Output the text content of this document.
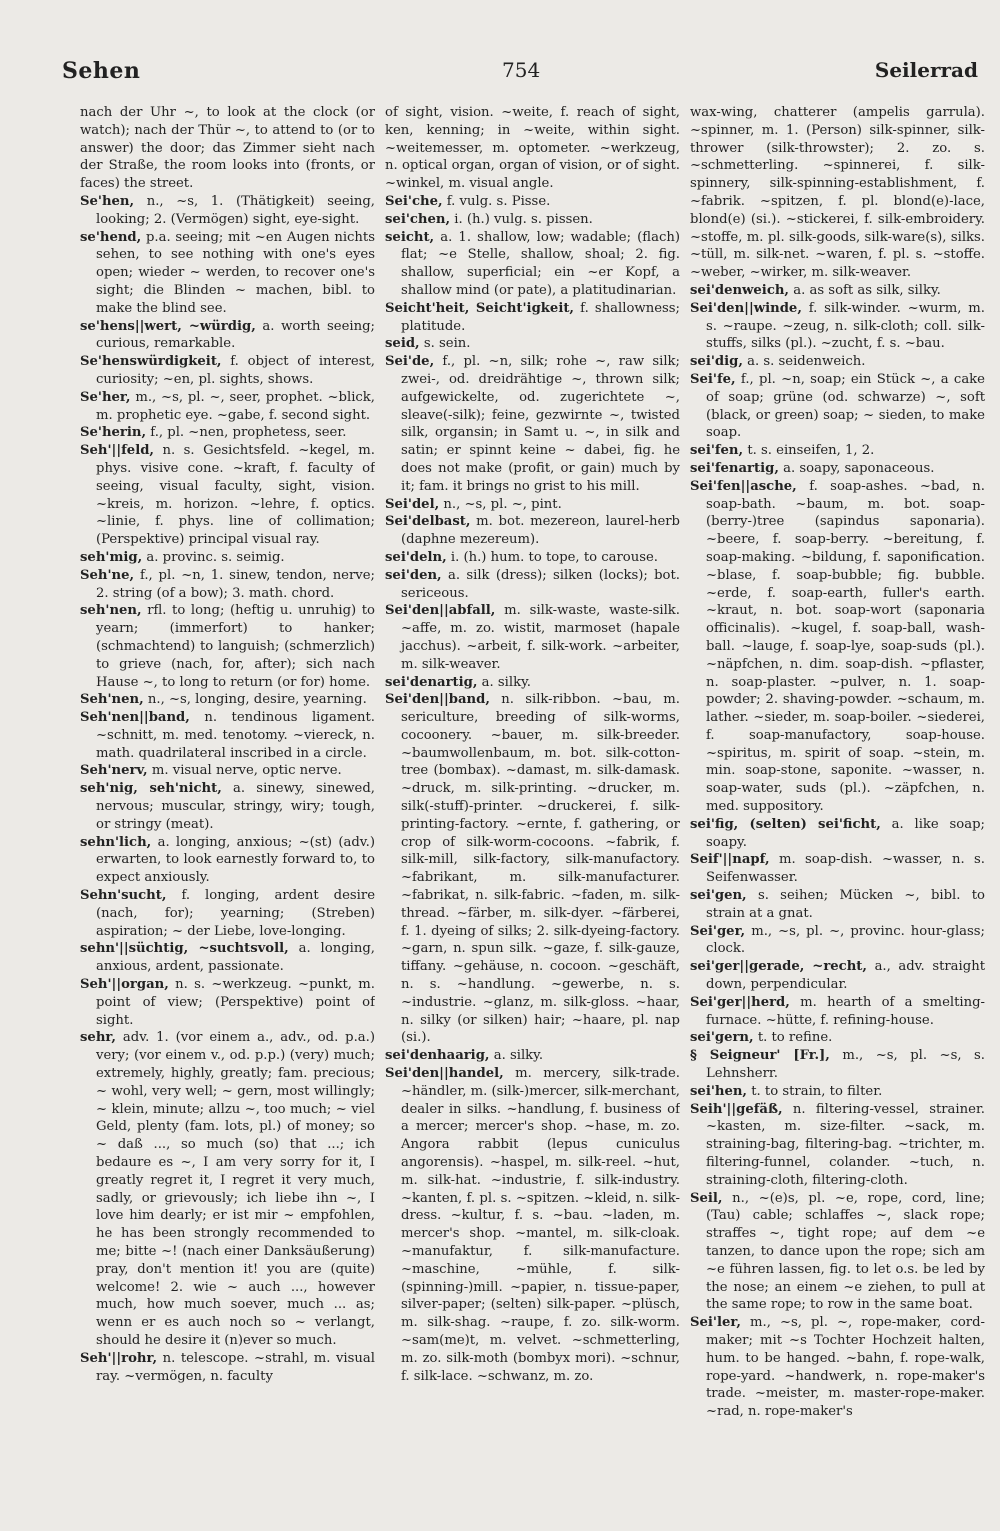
Sehen	754	Seilerrad

nach der Uhr ~, to look at the clock (or watch); nach der Thür ~, to attend to (or to answer) the door; das Zimmer sieht nach der Straße, the room looks into (fronts, or faces) the street.

Se'hen, n., ~s, 1. (Thätigkeit) seeing, looking; 2. (Vermögen) sight, eye-sight.

se'hend, p.a. seeing; mit ~en Augen nichts sehen, to see nothing with one's eyes open; wieder ~ werden, to recover one's sight; die Blinden ~ machen, bibl. to make the blind see.

se'hens||wert, ~würdig, a. worth seeing; curious, remarkable.

Se'henswürdigkeit, f. object of interest, curiosity; ~en, pl. sights, shows.

Se'her, m., ~s, pl. ~, seer, prophet. ~blick, m. prophetic eye. ~gabe, f. second sight.

Se'herin, f., pl. ~nen, prophetess, seer.

Seh'||feld, n. s. Gesichtsfeld. ~kegel, m. phys. visive cone. ~kraft, f. faculty of seeing, visual faculty, sight, vision. ~kreis, m. horizon. ~lehre, f. optics. ~linie, f. phys. line of collimation; (Perspektive) principal visual ray.

seh'mig, a. provinc. s. seimig.

Seh'ne, f., pl. ~n, 1. sinew, tendon, nerve; 2. string (of a bow); 3. math. chord.

seh'nen, rfl. to long; (heftig u. unruhig) to yearn; (immerfort) to hanker; (schmachtend) to languish; (schmerzlich) to grieve (nach, for, after); sich nach Hause ~, to long to return (or for) home.

Seh'nen, n., ~s, longing, desire, yearning.

Seh'nen||band, n. tendinous ligament. ~schnitt, m. med. tenotomy. ~viereck, n. math. quadrilateral inscribed in a circle.

Seh'nerv, m. visual nerve, optic nerve.

seh'nig, seh'nicht, a. sinewy, sinewed, nervous; muscular, stringy, wiry; tough, or stringy (meat).

sehn'lich, a. longing, anxious; ~(st) (adv.) erwarten, to look earnestly forward to, to expect anxiously.

Sehn'sucht, f. longing, ardent desire (nach, for); yearning; (Streben) aspiration; ~ der Liebe, love-longing.

sehn'||süchtig, ~suchtsvoll, a. longing, anxious, ardent, passionate.

Seh'||organ, n. s. ~werkzeug. ~punkt, m. point of view; (Perspektive) point of sight.

sehr, adv. 1. (vor einem a., adv., od. p.a.) very; (vor einem v., od. p.p.) (very) much; extremely, highly, greatly; fam. precious; ~ wohl, very well; ~ gern, most willingly; ~ klein, minute; allzu ~, too much; ~ viel Geld, plenty (fam. lots, pl.) of money; so ~ daß ..., so much (so) that ...; ich bedaure es ~, I am very sorry for it, I greatly regret it, I regret it very much, sadly, or grievously; ich liebe ihn ~, I love him dearly; er ist mir ~ empfohlen, he has been strongly recommended to me; bitte ~! (nach einer Danksäußerung) pray, don't mention it! you are (quite) welcome! 2. wie ~ auch ..., however much, how much soever, much ... as; wenn er es auch noch so ~ verlangt, should he desire it (n)ever so much.

Seh'||rohr, n. telescope. ~strahl, m. visual ray. ~vermögen, n. faculty

of sight, vision. ~weite, f. reach of sight, ken, kenning; in ~weite, within sight. ~weitemesser, m. optometer. ~werkzeug, n. optical organ, organ of vision, or of sight. ~winkel, m. visual angle.

Sei'che, f. vulg. s. Pisse.

sei'chen, i. (h.) vulg. s. pissen.

seicht, a. 1. shallow, low; wadable; (flach) flat; ~e Stelle, shallow, shoal; 2. fig. shallow, superficial; ein ~er Kopf, a shallow mind (or pate), a platitudinarian.

Seicht'heit, Seicht'igkeit, f. shallowness; platitude.

seid, s. sein.

Sei'de, f., pl. ~n, silk; rohe ~, raw silk; zwei-, od. dreidrähtige ~, thrown silk; aufgewickelte, od. zugerichtete ~, sleave(-silk); feine, gezwirnte ~, twisted silk, organsin; in Samt u. ~, in silk and satin; er spinnt keine ~ dabei, fig. he does not make (profit, or gain) much by it; fam. it brings no grist to his mill.

Sei'del, n., ~s, pl. ~, pint.

Sei'delbast, m. bot. mezereon, laurel-herb (daphne mezereum).

sei'deln, i. (h.) hum. to tope, to carouse.

sei'den, a. silk (dress); silken (locks); bot. sericeous.

Sei'den||abfall, m. silk-waste, waste-silk. ~affe, m. zo. wistit, marmoset (hapale jacchus). ~arbeit, f. silk-work. ~arbeiter, m. silk-weaver.

sei'denartig, a. silky.

Sei'den||band, n. silk-ribbon. ~bau, m. sericulture, breeding of silk-worms, cocoonery. ~bauer, m. silk-breeder. ~baumwollenbaum, m. bot. silk-cotton-tree (bombax). ~damast, m. silk-damask. ~druck, m. silk-printing. ~drucker, m. silk(-stuff)-printer. ~druckerei, f. silk-printing-factory. ~ernte, f. gathering, or crop of silk-worm-cocoons. ~fabrik, f. silk-mill, silk-factory, silk-manufactory. ~fabrikant, m. silk-manufacturer. ~fabrikat, n. silk-fabric. ~faden, m. silk-thread. ~färber, m. silk-dyer. ~färberei, f. 1. dyeing of silks; 2. silk-dyeing-factory. ~garn, n. spun silk. ~gaze, f. silk-gauze, tiffany. ~gehäuse, n. cocoon. ~geschäft, n. s. ~handlung. ~gewerbe, n. s. ~industrie. ~glanz, m. silk-gloss. ~haar, n. silky (or silken) hair; ~haare, pl. nap (si.).

sei'denhaarig, a. silky.

Sei'den||handel, m. mercery, silk-trade. ~händler, m. (silk-)mercer, silk-merchant, dealer in silks. ~handlung, f. business of a mercer; mercer's shop. ~hase, m. zo. Angora rabbit (lepus cuniculus angorensis). ~haspel, m. silk-reel. ~hut, m. silk-hat. ~industrie, f. silk-industry. ~kanten, f. pl. s. ~spitzen. ~kleid, n. silk-dress. ~kultur, f. s. ~bau. ~laden, m. mercer's shop. ~mantel, m. silk-cloak. ~manufaktur, f. silk-manufacture. ~maschine, ~mühle, f. silk-(spinning-)mill. ~papier, n. tissue-paper, silver-paper; (selten) silk-paper. ~plüsch, m. silk-shag. ~raupe, f. zo. silk-worm. ~sam(me)t, m. velvet. ~schmetterling, m. zo. silk-moth (bombyx mori). ~schnur, f. silk-lace. ~schwanz, m. zo.

wax-wing, chatterer (ampelis garrula). ~spinner, m. 1. (Person) silk-spinner, silk-thrower (silk-throwster); 2. zo. s. ~schmetterling. ~spinnerei, f. silk-spinnery, silk-spinning-establishment, f. ~fabrik. ~spitzen, f. pl. blond(e)-lace, blond(e) (si.). ~stickerei, f. silk-embroidery. ~stoffe, m. pl. silk-goods, silk-ware(s), silks. ~tüll, m. silk-net. ~waren, f. pl. s. ~stoffe. ~weber, ~wirker, m. silk-weaver.

sei'denweich, a. as soft as silk, silky.

Sei'den||winde, f. silk-winder. ~wurm, m. s. ~raupe. ~zeug, n. silk-cloth; coll. silk-stuffs, silks (pl.). ~zucht, f. s. ~bau.

sei'dig, a. s. seidenweich.

Sei'fe, f., pl. ~n, soap; ein Stück ~, a cake of soap; grüne (od. schwarze) ~, soft (black, or green) soap; ~ sieden, to make soap.

sei'fen, t. s. einseifen, 1, 2.

sei'fenartig, a. soapy, saponaceous.

Sei'fen||asche, f. soap-ashes. ~bad, n. soap-bath. ~baum, m. bot. soap-(berry-)tree (sapindus saponaria). ~beere, f. soap-berry. ~bereitung, f. soap-making. ~bildung, f. saponification. ~blase, f. soap-bubble; fig. bubble. ~erde, f. soap-earth, fuller's earth. ~kraut, n. bot. soap-wort (saponaria officinalis). ~kugel, f. soap-ball, wash-ball. ~lauge, f. soap-lye, soap-suds (pl.). ~näpfchen, n. dim. soap-dish. ~pflaster, n. soap-plaster. ~pulver, n. 1. soap-powder; 2. shaving-powder. ~schaum, m. lather. ~sieder, m. soap-boiler. ~siederei, f. soap-manufactory, soap-house. ~spiritus, m. spirit of soap. ~stein, m. min. soap-stone, saponite. ~wasser, n. soap-water, suds (pl.). ~zäpfchen, n. med. suppository.

sei'fig, (selten) sei'ficht, a. like soap; soapy.

Seif'||napf, m. soap-dish. ~wasser, n. s. Seifenwasser.

sei'gen, s. seihen; Mücken ~, bibl. to strain at a gnat.

Sei'ger, m., ~s, pl. ~, provinc. hour-glass; clock.

sei'ger||gerade, ~recht, a., adv. straight down, perpendicular.

Sei'ger||herd, m. hearth of a smelting-furnace. ~hütte, f. refining-house.

sei'gern, t. to refine.

§ Seigneur' [Fr.], m., ~s, pl. ~s, s. Lehnsherr.

sei'hen, t. to strain, to filter.

Seih'||gefäß, n. filtering-vessel, strainer. ~kasten, m. size-filter. ~sack, m. straining-bag, filtering-bag. ~trichter, m. filtering-funnel, colander. ~tuch, n. straining-cloth, filtering-cloth.

Seil, n., ~(e)s, pl. ~e, rope, cord, line; (Tau) cable; schlaffes ~, slack rope; straffes ~, tight rope; auf dem ~e tanzen, to dance upon the rope; sich am ~e führen lassen, fig. to let o.s. be led by the nose; an einem ~e ziehen, to pull at the same rope; to row in the same boat.

Sei'ler, m., ~s, pl. ~, rope-maker, cord-maker; mit ~s Tochter Hochzeit halten, hum. to be hanged. ~bahn, f. rope-walk, rope-yard. ~handwerk, n. rope-maker's trade. ~meister, m. master-rope-maker. ~rad, n. rope-maker's
